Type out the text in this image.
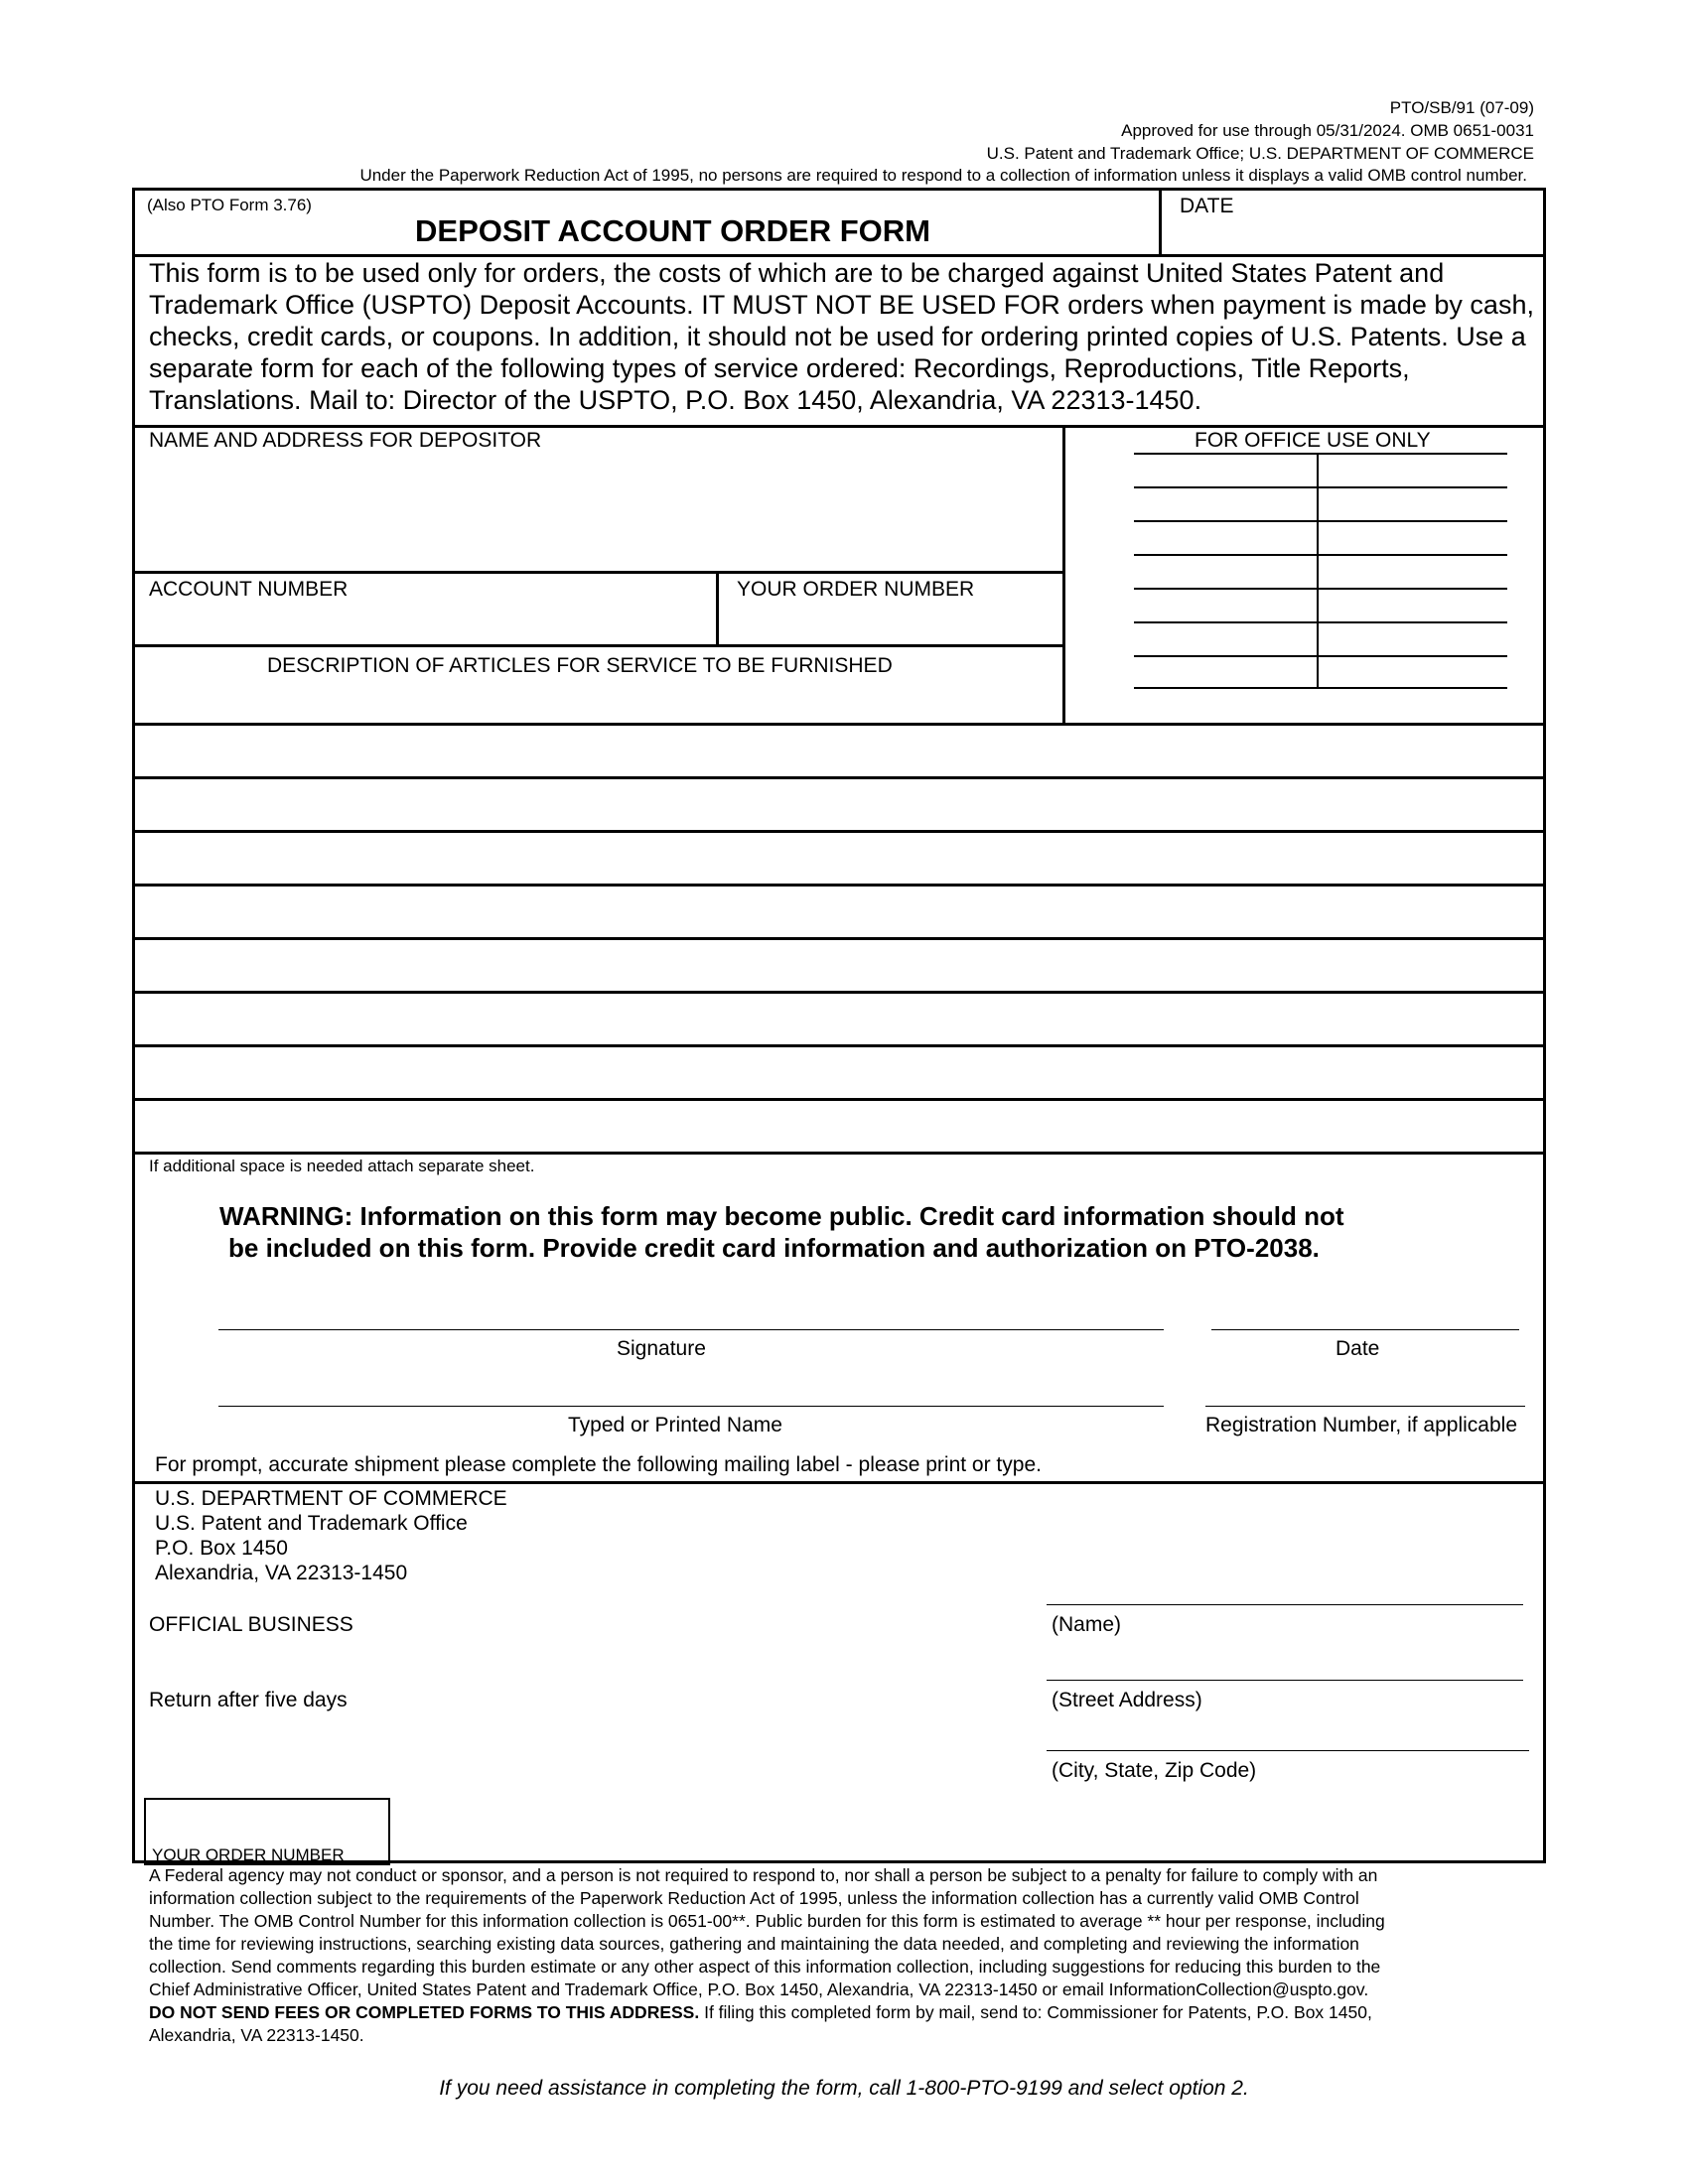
PTO/SB/91 (07-09)
Approved for use through 05/31/2024. OMB 0651-0031
U.S. Patent and Trademark Office; U.S. DEPARTMENT OF COMMERCE
Under the Paperwork Reduction Act of 1995, no persons are required to respond to a collection of information unless it displays a valid OMB control number.
(Also PTO Form 3.76)
DEPOSIT ACCOUNT ORDER FORM
DATE
This form is to be used only for orders, the costs of which are to be charged against United States Patent and Trademark Office (USPTO) Deposit Accounts. IT MUST NOT BE USED FOR orders when payment is made by cash, checks, credit cards, or coupons. In addition, it should not be used for ordering printed copies of U.S. Patents. Use a separate form for each of the following types of service ordered: Recordings, Reproductions, Title Reports, Translations. Mail to: Director of the USPTO, P.O. Box 1450, Alexandria, VA 22313-1450.
NAME AND ADDRESS FOR DEPOSITOR	FOR OFFICE USE ONLY
ACCOUNT NUMBER	YOUR ORDER NUMBER
DESCRIPTION OF ARTICLES FOR SERVICE TO BE FURNISHED
If additional space is needed attach separate sheet.
WARNING: Information on this form may become public. Credit card information should not
be included on this form. Provide credit card information and authorization on PTO-2038.
Signature	Date
Typed or Printed Name	Registration Number, if applicable
For prompt, accurate shipment please complete the following mailing label - please print or type.
U.S. DEPARTMENT OF COMMERCE
U.S. Patent and Trademark Office
P.O. Box 1450
Alexandria, VA 22313-1450
OFFICIAL BUSINESS
Return after five days
(Name)
(Street Address)
(City, State, Zip Code)
YOUR ORDER NUMBER
A Federal agency may not conduct or sponsor, and a person is not required to respond to, nor shall a person be subject to a penalty for failure to comply with an
information collection subject to the requirements of the Paperwork Reduction Act of 1995, unless the information collection has a currently valid OMB Control
Number. The OMB Control Number for this information collection is 0651-00**. Public burden for this form is estimated to average ** hour per response, including
the time for reviewing instructions, searching existing data sources, gathering and maintaining the data needed, and completing and reviewing the information
collection. Send comments regarding this burden estimate or any other aspect of this information collection, including suggestions for reducing this burden to the
Chief Administrative Officer, United States Patent and Trademark Office, P.O. Box 1450, Alexandria, VA 22313-1450 or email InformationCollection@uspto.gov.
DO NOT SEND FEES OR COMPLETED FORMS TO THIS ADDRESS. If filing this completed form by mail, send to: Commissioner for Patents, P.O. Box 1450,
Alexandria, VA 22313-1450.
If you need assistance in completing the form, call 1-800-PTO-9199 and select option 2.
